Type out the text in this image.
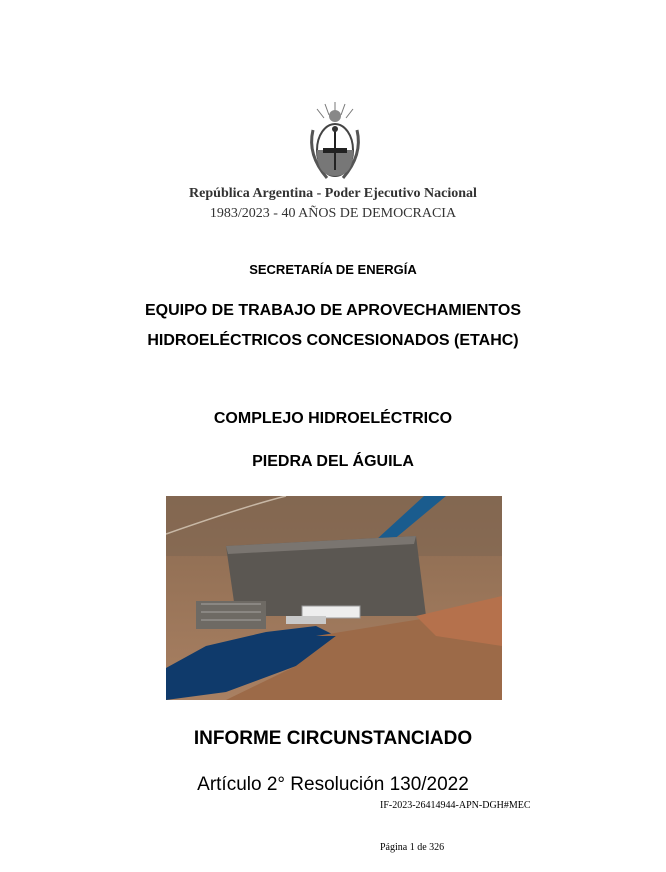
República Argentina - Poder Ejecutivo Nacional
1983/2023 - 40 AÑOS DE DEMOCRACIA
SECRETARÍA DE ENERGÍA
EQUIPO DE TRABAJO DE APROVECHAMIENTOS
HIDROELÉCTRICOS CONCESIONADOS (ETAHC)
COMPLEJO HIDROELÉCTRICO
PIEDRA DEL ÁGUILA
INFORME CIRCUNSTANCIADO
Artículo 2° Resolución 130/2022
IF-2023-26414944-APN-DGH#MEC
Página 1 de 326
